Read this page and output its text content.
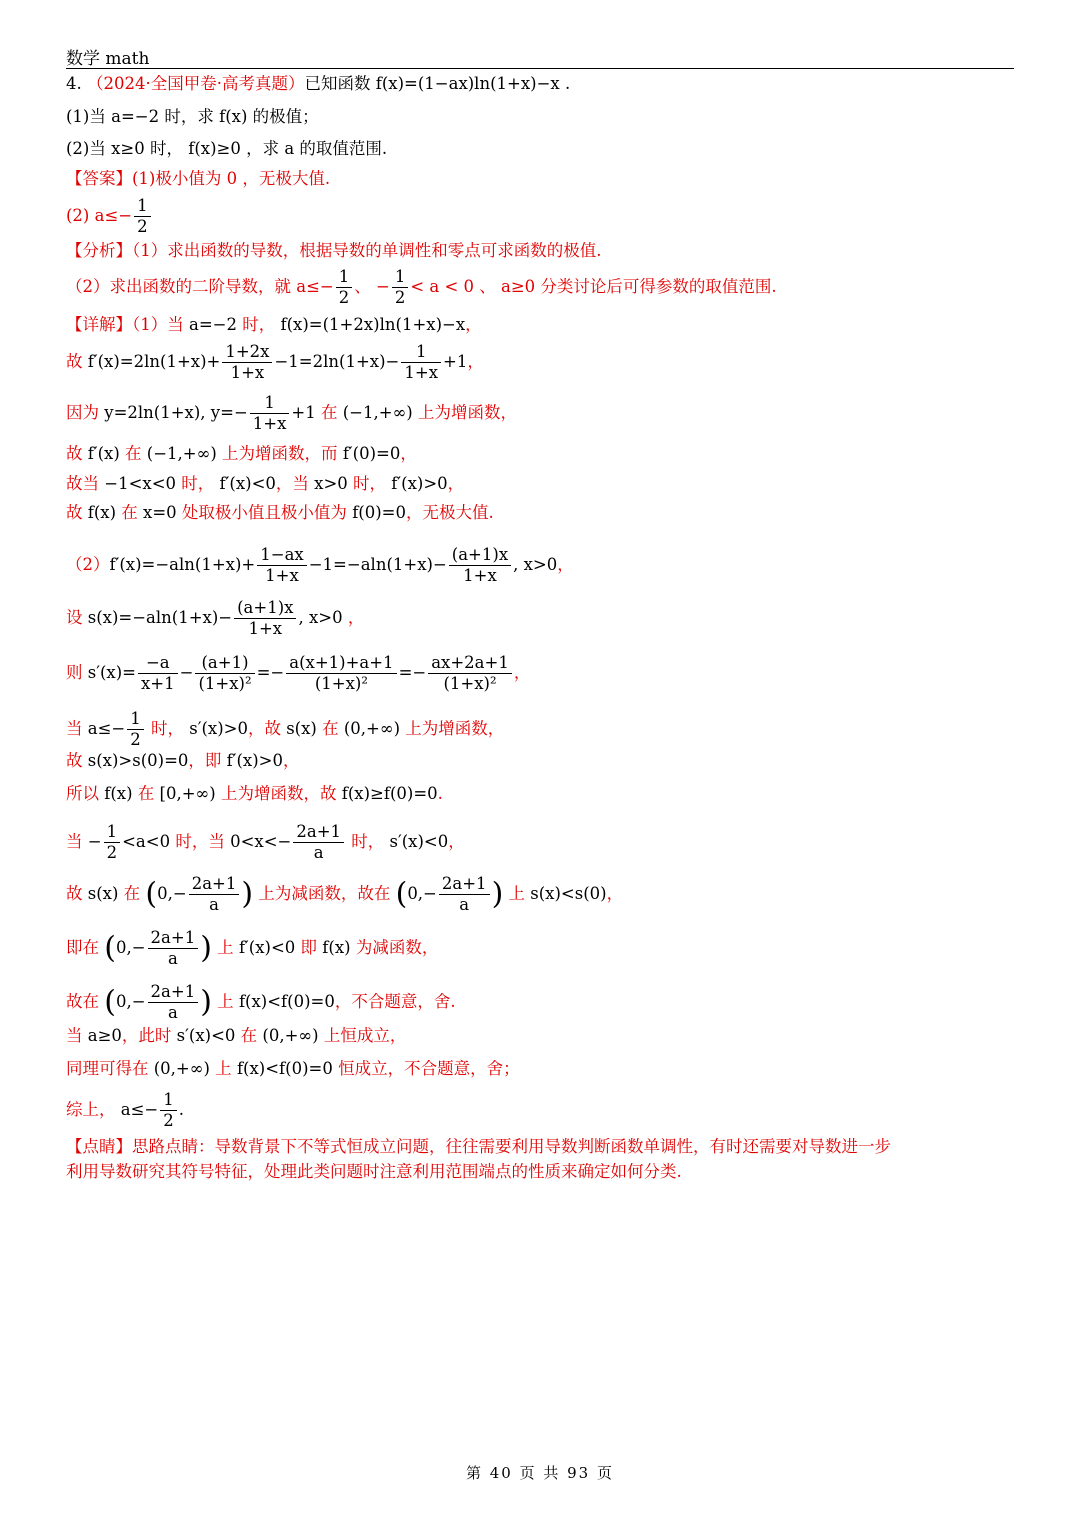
数学 math
4. （2024·全国甲卷·高考真题）已知函数 f(x)=(1−ax)ln(1+x)−x .
(1)当 a=−2 时，求 f(x) 的极值；
(2)当 x≥0 时， f(x)≥0 ，求 a 的取值范围.
【答案】(1)极小值为 0 ，无极大值.
(2) $a\le- \frac{1}{2}$
【分析】（1）求出函数的导数，根据导数的单调性和零点可求函数的极值.
（2）求出函数的二阶导数，就 $a\le- \frac{1}{2}$ 、 − $\frac{1}{2} < a < 0$ 、 a≥0 分类讨论后可得参数的取值范围.
【详解】（1）当 a=−2 时， f(x)=(1+2x)ln(1+x)−x，
故 $f'(x)=2\ln(1+x)+ \frac{1+2x}{1+x} -1=2\ln(1+x)- \frac{1}{1+x} +1$，
因为 y=2ln(1+x), $y=- \frac{1}{1+x} +1$ 在 (−1,+∞) 上为增函数，
故 f′(x) 在 (−1,+∞) 上为增函数，而 f′(0)=0，
故当 −1<x<0 时， f′(x)<0，当 x>0 时， f′(x)>0，
故 f(x) 在 x=0 处取极小值且极小值为 f(0)=0，无极大值.
$(2)f'(x)=-aln(1+x)+ \frac{1-ax}{1+x} -1=-aln(1+x)- \frac{(a+1)x}{1+x}$ , x>0，
设 $s(x)=-aln(1+x)- \frac{(a+1)x}{1+x}$ , x>0 ，
则 $s'(x)= \frac{-a}{x+1} - \frac{(a+1)}{\text{(1+x)²}} =- \frac{a(x+1)+a+1}{\text{(1+x)²}} =- \frac{ax+2a+1}{\text{(1+x)²}}$ ，
当 $a\le- \frac{1}{2}$ 时， s′(x)>0，故 s(x) 在 (0,+∞) 上为增函数，
故 s(x)>s(0)=0，即 f′(x)>0，
所以 f(x) 在 [0,+∞) 上为增函数，故 f(x)≥f(0)=0.
当 − $\frac{1}{2} <a<0$ 时，当 $0<x<- \frac{2a+1}{a}$ 时， s′(x)<0，
故 s(x) 在 ($0,- \frac{2a+1}{a}$ ) 上为减函数，故在 ($0,- \frac{2a+1}{a}$ ) 上 s(x)<s(0)，
即在 ($0,- \frac{2a+1}{a}$ ) 上 f′(x)<0 即 f(x) 为减函数，
故在 ($0,- \frac{2a+1}{a}$ ) 上 f(x)<f(0)=0，不合题意，舍.
当 a≥0，此时 s′(x)<0 在 (0,+∞) 上恒成立，
同理可得在 (0,+∞) 上 f(x)<f(0)=0 恒成立，不合题意，舍；
综上， $a\le- \frac{1}{2}$ .
【点睛】思路点睛：导数背景下不等式恒成立问题，往往需要利用导数判断函数单调性，有时还需要对导数进一步
利用导数研究其符号特征，处理此类问题时注意利用范围端点的性质来确定如何分类.
第 40 页 共 93 页
